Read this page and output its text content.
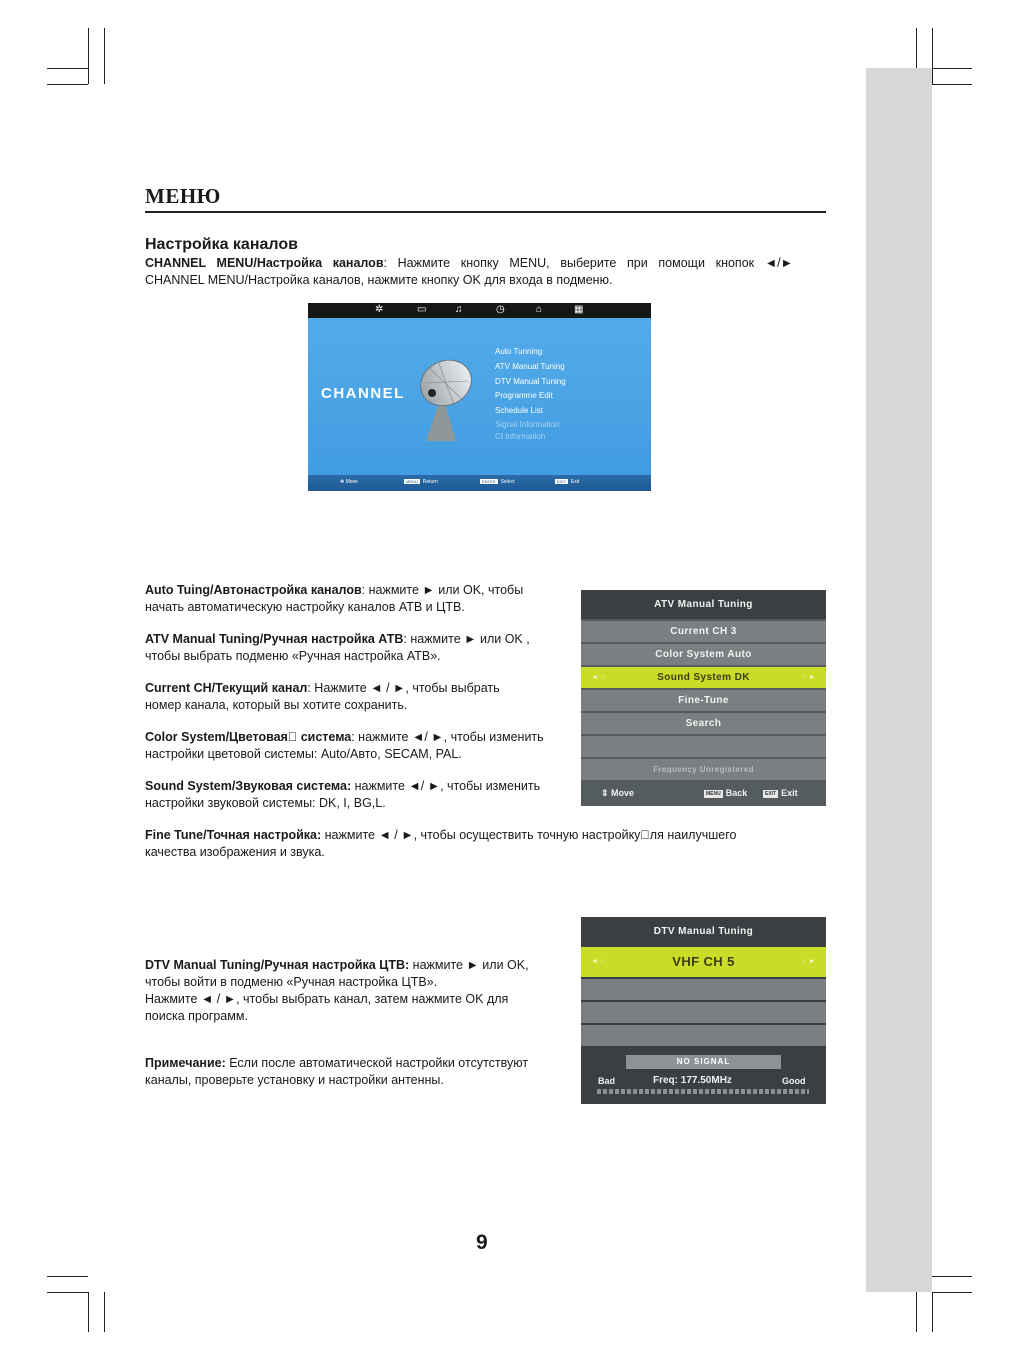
МЕНЮ
Настройка каналов
CHANNEL MENU/Настройка каналов: Нажмите кнопку MENU, выберите при помощи кнопок ◄/►
CHANNEL MENU/Настройка каналов, нажмите кнопку OK для входа в подменю.
✲	▭	♫	◷	⌂	▦
CHANNEL
Auto Tunning
ATV Manual Tuning
DTV Manual Tuning
Programme Edit
Schedule List
Signal Information
CI Information
✥ Move	MENU Return	ENTER Select	EXIT Exit
Auto Tuing/Автонастройка каналов: нажмите ► или OK, чтобы
начать автоматическую настройку каналов АТВ и ЦТВ.
ATV Manual Tuning/Ручная настройка АТВ: нажмите ► или OK ,
чтобы выбрать подменю «Ручная настройка АТВ».
Current CH/Текущий канал: Нажмите ◄ / ►, чтобы выбрать
номер канала, который вы хотите сохранить.
Color System/Цветовая  система: нажмите ◄/ ►, чтобы изменить
настройки цветовой системы: Auto/Авто, SECAM, PAL.
Sound System/Звуковая система: нажмите ◄/ ►, чтобы изменить
настройки звуковой системы: DK, I, BG,L.
Fine Tune/Точная настройка: нажмите ◄ / ►, чтобы осуществить точную настройку ля наилучшего
качества изображения и звука.
DTV Manual Tuning/Ручная настройка ЦТВ: нажмите ► или OK,
чтобы войти в подменю «Ручная настройка ЦТВ».
Нажмите ◄ / ►, чтобы выбрать канал, затем нажмите OK для
поиска программ.
Примечание: Если после автоматической настройки отсутствуют
каналы, проверьте установку и настройки антенны.
ATV Manual Tuning
Current CH 3
Color System Auto
◄ ○	Sound System DK	○ ►
Fine-Tune
Search
Frequency Unregistered
⇕ Move	MENU Back	EXIT Exit
DTV Manual Tuning
◄ ○	VHF CH 5	○ ►
NO SIGNAL
Bad	Freq: 177.50MHz	Good
9
